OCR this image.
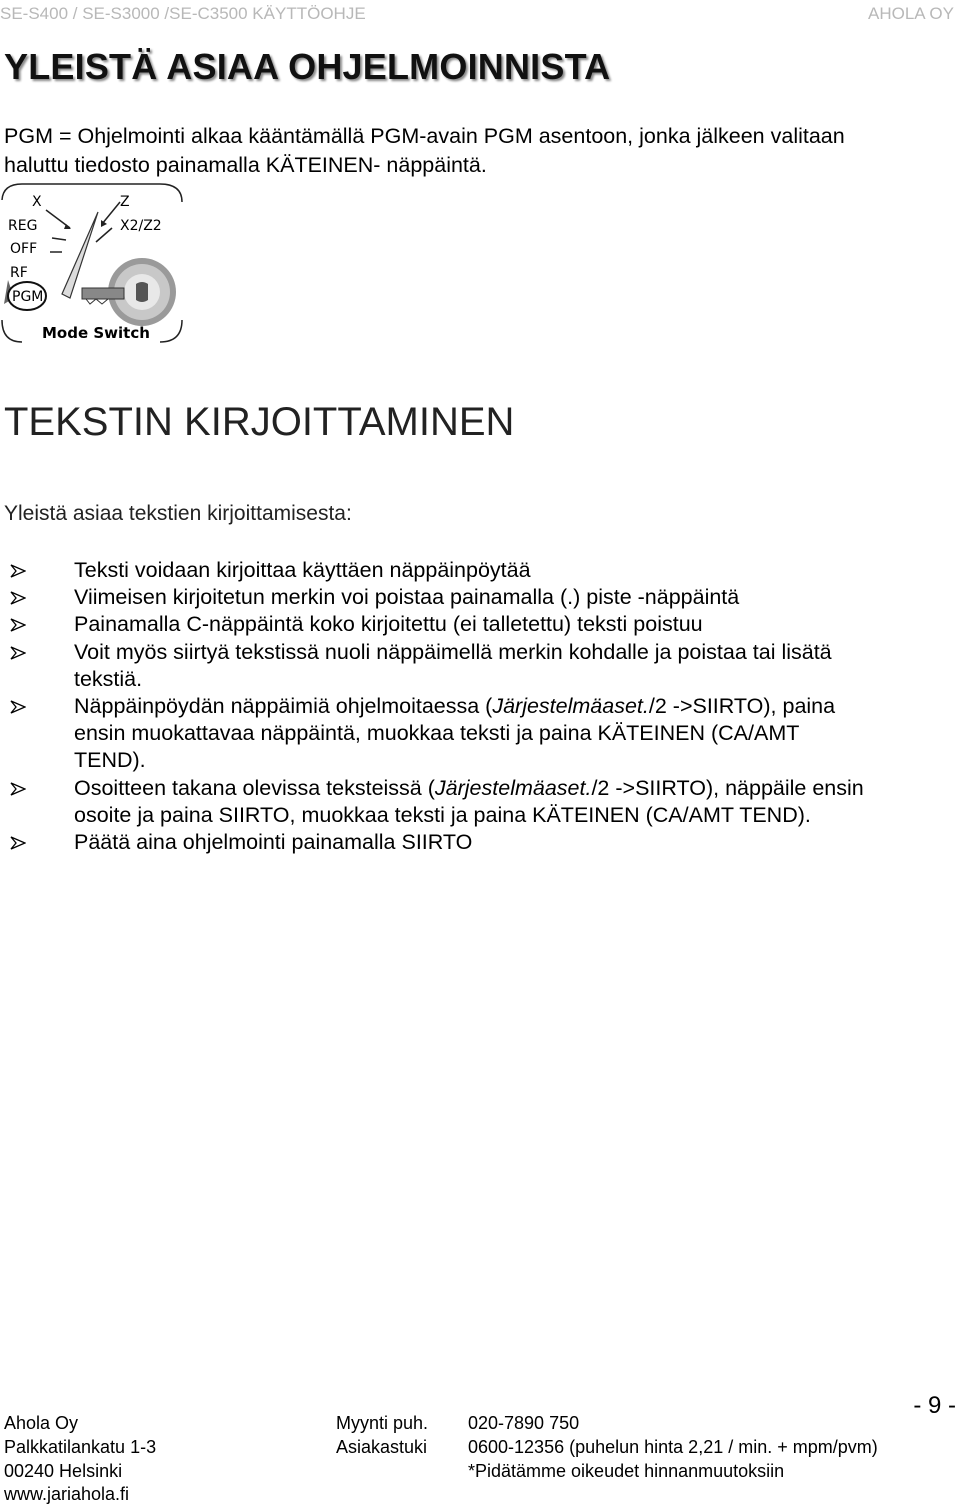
SE-S400 / SE-S3000 /SE-C3500 KÄYTTÖOHJE	AHOLA OY
YLEISTÄ ASIAA OHJELMOINNISTA
PGM = Ohjelmointi alkaa kääntämällä PGM-avain PGM asentoon, jonka jälkeen valitaan
haluttu tiedosto painamalla KÄTEINEN- näppäintä.
X	Z
REG	X2/Z2
OFF
RF
PGM
Mode Switch
TEKSTIN KIRJOITTAMINEN
Yleistä asiaa tekstien kirjoittamisesta:
Teksti voidaan kirjoittaa käyttäen näppäinpöytää
Viimeisen kirjoitetun merkin voi poistaa painamalla (.) piste -näppäintä
Painamalla C-näppäintä koko kirjoitettu (ei talletettu) teksti poistuu
Voit myös siirtyä tekstissä nuoli näppäimellä merkin kohdalle ja poistaa tai lisätä
tekstiä.
Näppäinpöydän näppäimiä ohjelmoitaessa (Järjestelmäaset./2 ->SIIRTO), paina
ensin muokattavaa näppäintä, muokkaa teksti ja paina KÄTEINEN (CA/AMT
TEND).
Osoitteen takana olevissa teksteissä (Järjestelmäaset./2 ->SIIRTO), näppäile ensin
osoite ja paina SIIRTO, muokkaa teksti ja paina KÄTEINEN (CA/AMT TEND).
Päätä aina ohjelmointi painamalla SIIRTO
- 9 -
Ahola Oy
Palkkatilankatu 1-3
00240 Helsinki
www.jariahola.fi
Myynti puh. 020-7890 750
Asiakastuki 0600-12356 (puhelun hinta 2,21 / min. + mpm/pvm)
*Pidätämme oikeudet hinnanmuutoksiin
